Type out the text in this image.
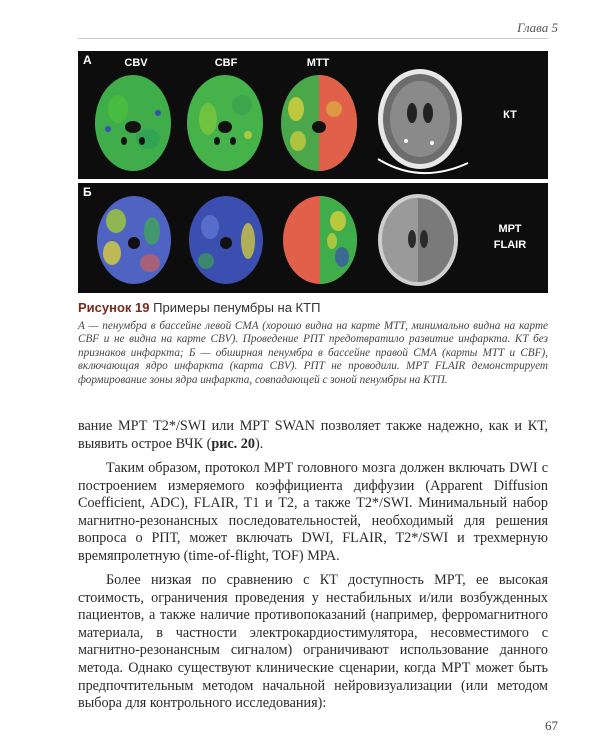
Глава 5
А	CBV	CBF	MTT
КТ
Б
МРТ
FLAIR
Рисунок 19 Примеры пенумбры на КТП

А — пенумбра в бассейне левой СМА (хорошо видна на карте МТТ, минимально видна на карте CBF и не видна на карте CBV). Проведение РПТ предотвратило развитие инфаркта. КТ без признаков инфаркта; Б — обширная пенумбра в бассейне правой СМА (карты МТТ и CBF), включающая ядро инфаркта (карта CBV). РПТ не проводили. МРТ FLAIR демонстрирует формирование зоны ядра инфаркта, совпадающей с зоной пенумбры на КТП.

вание МРТ T2*/SWI или МРТ SWAN позволяет также надежно, как и КТ, выявить острое ВЧК (рис. 20).

Таким образом, протокол МРТ головного мозга должен включать DWI с построением измеряемого коэффициента диффузии (Apparent Diffusion Coefficient, ADC), FLAIR, T1 и T2, а также T2*/SWI. Минимальный набор магнитно-резонансных последовательностей, необходимый для решения вопроса о РПТ, может включать DWI, FLAIR, T2*/SWI и трехмерную времяпролетную (time-of-flight, TOF) МРА.

Более низкая по сравнению с КТ доступность МРТ, ее высокая стоимость, ограничения проведения у нестабильных и/или возбужденных пациентов, а также наличие противопоказаний (например, ферромагнитного материала, в частности электрокардиостимулятора, несовместимого с магнитно-резонансным сигналом) ограничивают использование данного метода. Однако существуют клинические сценарии, когда МРТ может быть предпочтительным методом начальной нейровизуализации (или методом выбора для контрольного исследования):

67
